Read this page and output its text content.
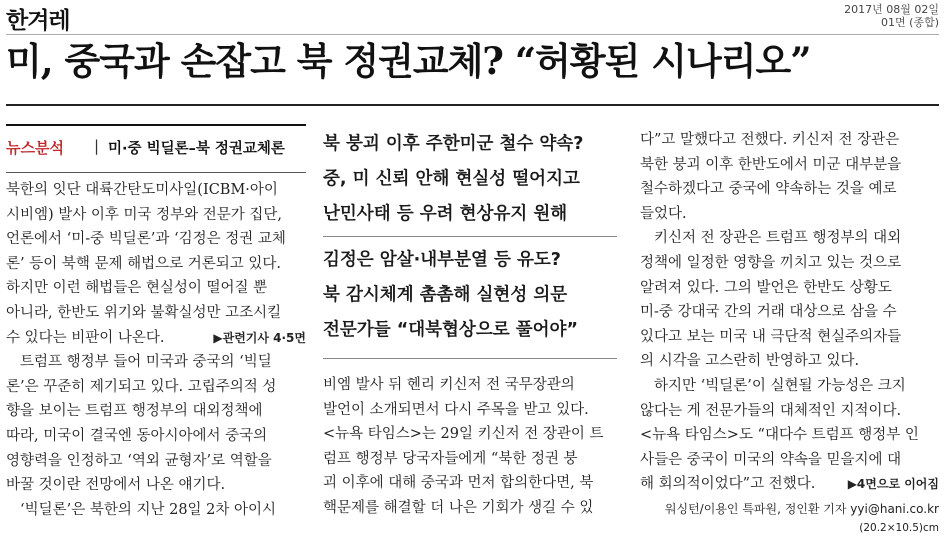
한겨레	2017년 08월 02일
01면 (종합)
미, 중국과 손잡고 북 정권교체? “허황된 시나리오”
뉴스분석 | 미·중 빅딜론–북 정권교체론
북한의 잇단 대륙간탄도미사일(ICBM·아이
시비엠) 발사 이후 미국 정부와 전문가 집단,
언론에서 ‘미-중 빅딜론’과 ‘김정은 정권 교체
론’ 등이 북핵 문제 해법으로 거론되고 있다.
하지만 이런 해법들은 현실성이 떨어질 뿐
아니라, 한반도 위기와 불확실성만 고조시킬
수 있다는 비판이 나온다.	▶관련기사 4·5면
트럼프 행정부 들어 미국과 중국의 ‘빅딜
론’은 꾸준히 제기되고 있다. 고립주의적 성
향을 보이는 트럼프 행정부의 대외정책에
따라, 미국이 결국엔 동아시아에서 중국의
영향력을 인정하고 ‘역외 균형자’로 역할을
바꿀 것이란 전망에서 나온 얘기다.
‘빅딜론’은 북한의 지난 28일 2차 아이시
북 붕괴 이후 주한미군 철수 약속?
중, 미 신뢰 안해 현실성 떨어지고
난민사태 등 우려 현상유지 원해
김정은 암살·내부분열 등 유도?
북 감시체계 촘촘해 실현성 의문
전문가들 “대북협상으로 풀어야”
비엠 발사 뒤 헨리 키신저 전 국무장관의
발언이 소개되면서 다시 주목을 받고 있다.
<뉴욕 타임스>는 29일 키신저 전 장관이 트
럼프 행정부 당국자들에게 “북한 정권 붕
괴 이후에 대해 중국과 먼저 합의한다면, 북
핵문제를 해결할 더 나은 기회가 생길 수 있
다”고 말했다고 전했다. 키신저 전 장관은
북한 붕괴 이후 한반도에서 미군 대부분을
철수하겠다고 중국에 약속하는 것을 예로
들었다.
키신저 전 장관은 트럼프 행정부의 대외
정책에 일정한 영향을 끼치고 있는 것으로
알려져 있다. 그의 발언은 한반도 상황도
미-중 강대국 간의 거래 대상으로 삼을 수
있다고 보는 미국 내 극단적 현실주의자들
의 시각을 고스란히 반영하고 있다.
하지만 ‘빅딜론’이 실현될 가능성은 크지
않다는 게 전문가들의 대체적인 지적이다.
<뉴욕 타임스>도 “대다수 트럼프 행정부 인
사들은 중국이 미국의 약속을 믿을지에 대
해 회의적이었다”고 전했다.	▶4면으로 이어짐
워싱턴/이용인 특파원, 정인환 기자 yyi@hani.co.kr
(20.2×10.5)cm
